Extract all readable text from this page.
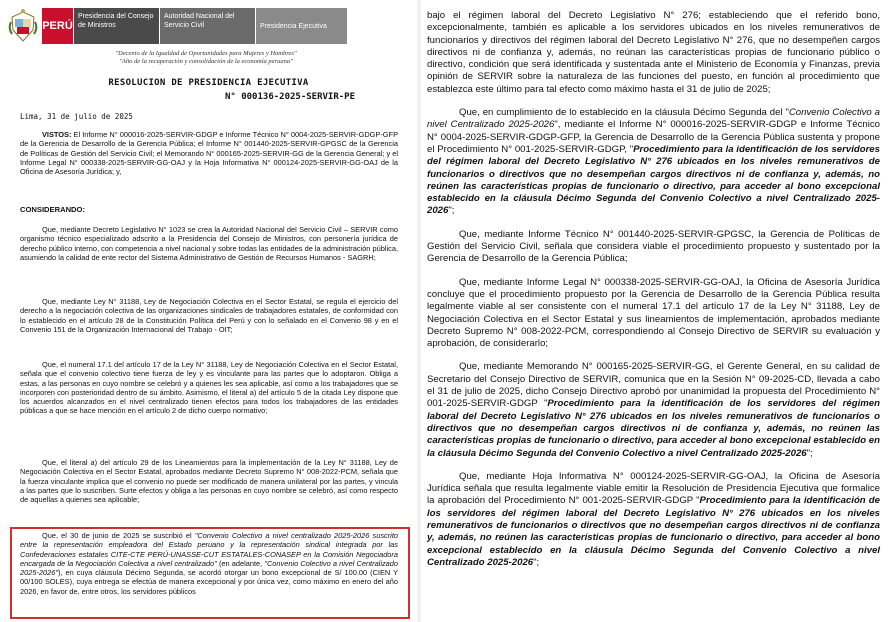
PERÚ
Presidencia del Consejo de Ministros
Autoridad Nacional del Servicio Civil	Presidencia Ejecutiva
"Decenio de la Igualdad de Oportunidades para Mujeres y Hombres"
"Año de la recuperación y consolidación de la economía peruana"
RESOLUCION DE PRESIDENCIA EJECUTIVA
N° 000136-2025-SERVIR-PE
Lima, 31 de julio de 2025
VISTOS: El Informe N° 000016-2025-SERVIR-GDGP e Informe Técnico N° 0004-2025-SERVIR-GDGP-GFP de la Gerencia de Desarrollo de la Gerencia Pública; el Informe N° 001440-2025-SERVIR-GPGSC de la Gerencia de Políticas de Gestión del Servicio Civil; el Memorando N° 000165-2025-SERVIR-GG de la Gerencia General; y el Informe Legal N° 000338-2025-SERVIR-GG-OAJ y la Hoja Informativa N° 000124-2025-SERVIR-GG-OAJ de la Oficina de Asesoría Jurídica; y,
CONSIDERANDO:
Que, mediante Decreto Legislativo N° 1023 se crea la Autoridad Nacional del Servicio Civil – SERVIR como organismo técnico especializado adscrito a la Presidencia del Consejo de Ministros, con personería jurídica de derecho público interno, con competencia a nivel nacional y sobre todas las entidades de la administración pública, asumiendo la calidad de ente rector del Sistema Administrativo de Gestión de Recursos Humanos - SAGRH;
Que, mediante Ley N° 31188, Ley de Negociación Colectiva en el Sector Estatal, se regula el ejercicio del derecho a la negociación colectiva de las organizaciones sindicales de trabajadores estatales, de conformidad con lo establecido en el artículo 28 de la Constitución Política del Perú y con lo señalado en el Convenio 98 y en el Convenio 151 de la Organización Internacional del Trabajo - OIT;
Que, el numeral 17.1 del artículo 17 de la Ley N° 31188, Ley de Negociación Colectiva en el Sector Estatal, señala que el convenio colectivo tiene fuerza de ley y es vinculante para las partes que lo adoptaron. Obliga a estas, a las personas en cuyo nombre se celebró y a quienes les sea aplicable, así como a los trabajadores que se incorporen con posterioridad dentro de su ámbito. Asimismo, el literal a) del artículo 5 de la citada Ley dispone que los acuerdos alcanzados en el nivel centralizado tienen efectos para todos los trabajadores de las entidades públicas a que se hace mención en el artículo 2 de dicho cuerpo normativo;
Que, el literal a) del artículo 29 de los Lineamientos para la implementación de la Ley N° 31188, Ley de Negociación Colectiva en el Sector Estatal, aprobados mediante Decreto Supremo N° 008-2022-PCM, señala que la fuerza vinculante implica que el convenio no puede ser modificado de manera unilateral por las partes, y vincula a las partes que lo suscriben. Surte efectos y obliga a las personas en cuyo nombre se celebró, así como respecto de aquellas a quienes sea aplicable;
Que, el 30 de junio de 2025 se suscribió el "Convenio Colectivo a nivel centralizado 2025-2026 suscrito entre la representación empleadora del Estado peruano y la representación sindical integrada por las Confederaciones estatales CITE-CTE PERÚ-UNASSE-CUT ESTATALES-CONASEP en la Comisión Negociadora encargada de la Negociación Colectiva a nivel centralizado" (en adelante, "Convenio Colectivo a nivel Centralizado 2025-2026"), en cuya cláusula Décimo Segunda, se acordó otorgar un bono excepcional de S/ 100.00 (CIEN Y 00/100 SOLES), cuya entrega se efectúa de manera excepcional y por única vez, como máximo en enero del año 2026, en favor de, entre otros, los servidores públicos

bajo el régimen laboral del Decreto Legislativo N° 276; estableciendo que el referido bono, excepcionalmente, también es aplicable a los servidores ubicados en los niveles remunerativos de funcionarios y directivos del régimen laboral del Decreto Legislativo N° 276, que no desempeñen cargos directivos ni de confianza y, además, no reúnan las características propias de funcionario público o directivo, condición que será identificada y sustentada ante el Ministerio de Economía y Finanzas, previa opinión de SERVIR sobre la naturaleza de las funciones del puesto, en función al procedimiento que establezca este último para tal efecto como máximo hasta el 31 de julio de 2025;

Que, en cumplimiento de lo establecido en la cláusula Décimo Segunda del "Convenio Colectivo a nivel Centralizado 2025-2026", mediante el Informe N° 000016-2025-SERVIR-GDGP e Informe Técnico N° 0004-2025-SERVIR-GDGP-GFP, la Gerencia de Desarrollo de la Gerencia Pública sustenta y propone el Procedimiento N° 001-2025-SERVIR-GDGP, "Procedimiento para la identificación de los servidores del régimen laboral del Decreto Legislativo N° 276 ubicados en los niveles remunerativos de funcionarios o directivos que no desempeñan cargos directivos ni de confianza y, además, no reúnen las características propias de funcionario o directivo, para acceder al bono excepcional establecido en la cláusula Décimo Segunda del Convenio Colectivo a nivel Centralizado 2025-2026";

Que, mediante Informe Técnico N° 001440-2025-SERVIR-GPGSC, la Gerencia de Políticas de Gestión del Servicio Civil, señala que considera viable el procedimiento propuesto y sustentado por la Gerencia de Desarrollo de la Gerencia Pública;

Que, mediante Informe Legal N° 000338-2025-SERVIR-GG-OAJ, la Oficina de Asesoría Jurídica concluye que el procedimiento propuesto por la Gerencia de Desarrollo de la Gerencia Pública resulta legalmente viable al ser consistente con el numeral 17.1 del artículo 17 de la Ley N° 31188, Ley de Negociación Colectiva en el Sector Estatal y sus lineamientos de implementación, aprobados mediante Decreto Supremo N° 008-2022-PCM, correspondiendo al Consejo Directivo de SERVIR su evaluación y aprobación, de considerarlo;

Que, mediante Memorando N° 000165-2025-SERVIR-GG, el Gerente General, en su calidad de Secretario del Consejo Directivo de SERVIR, comunica que en la Sesión N° 09-2025-CD, llevada a cabo el 31 de julio de 2025, dicho Consejo Directivo aprobó por unanimidad la propuesta del Procedimiento N° 001-2025-SERVIR-GDGP "Procedimiento para la identificación de los servidores del régimen laboral del Decreto Legislativo N° 276 ubicados en los niveles remunerativos de funcionarios o directivos que no desempeñan cargos directivos ni de confianza y, además, no reúnen las características propias de funcionario o directivo, para acceder al bono excepcional establecido en la cláusula Décimo Segunda del Convenio Colectivo a nivel Centralizado 2025-2026";

Que, mediante Hoja Informativa N° 000124-2025-SERVIR-GG-OAJ, la Oficina de Asesoría Jurídica señala que resulta legalmente viable emitir la Resolución de Presidencia Ejecutiva que formalice la aprobación del Procedimiento N° 001-2025-SERVIR-GDGP "Procedimiento para la identificación de los servidores del régimen laboral del Decreto Legislativo N° 276 ubicados en los niveles remunerativos de funcionarios o directivos que no desempeñan cargos directivos ni de confianza y, además, no reúnen las características propias de funcionario o directivo, para acceder al bono excepcional establecido en la cláusula Décimo Segunda del Convenio Colectivo a nivel Centralizado 2025-2026";
